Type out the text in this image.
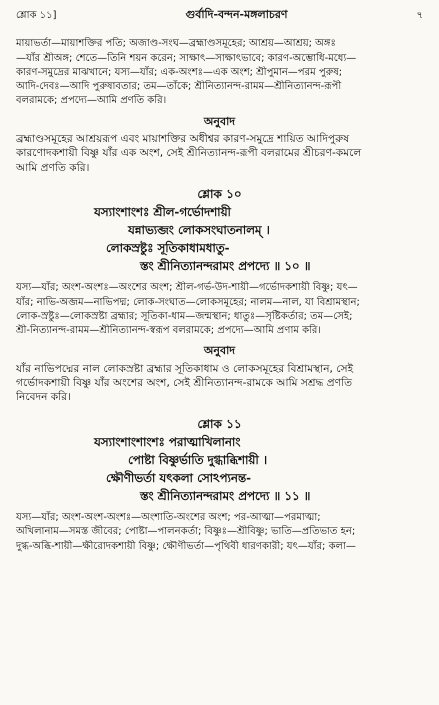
শ্লোক ১১]	গুর্বাদি-বন্দন-মঙ্গলাচরণ	৭

মায়াভর্তা—মায়াশক্তির পতি; অজাণ্ড-সংঘ—ব্রহ্মাণ্ডসমূহের; আশ্রয়—আশ্রয়; অঙ্গঃ

—যাঁর শ্রীঅঙ্গ; শেতে—তিনি শয়ন করেন; সাক্ষাৎ—সাক্ষাৎভাবে; কারণ-অম্ভোধি-মধ্যে—

কারণ-সমুদ্রের মাঝখানে; যস্য—যাঁর; এক-অংশঃ—এক অংশ; শ্রীপুমান—পরম পুরুষ;

আদি-দেবঃ—আদি পুরুষাবতার; তম—তাঁকে; শ্রীনিত্যানন্দ-রামম—শ্রীনিত্যানন্দ-রূপী

বলরামকে; প্রপদ্যে—আমি প্রণতি করি।

অনুবাদ

ব্রহ্মাণ্ডসমূহের আশ্রয়রূপ এবং মায়াশক্তির অধীশ্বর কারণ-সমুদ্রে শায়িত আদিপুরুষ

কারণোদকশায়ী বিষ্ণু যাঁর এক অংশ, সেই শ্রীনিত্যানন্দ-রূপী বলরামের শ্রীচরণ-কমলে

আমি প্রণতি করি।

শ্লোক ১০

যস্যাংশাংশঃ শ্রীল-গর্ভোদশায়ী

যন্নাভ্যব্জং লোকসংঘাতনালম্ ।

লোকস্রষ্টুঃ সূতিকাধামধাতু-

স্তং শ্রীনিত্যানন্দরামং প্রপদ্যে ॥ ১০ ॥

যস্য—যাঁর; অংশ-অংশঃ—অংশের অংশ; শ্রীল-গর্ভ-উদ-শায়ী—গর্ভোদকশায়ী বিষ্ণু; যৎ—

যাঁর; নাভি-অব্জম—নাভিপদ্ম; লোক-সংঘাত—লোকসমূহের; নালম—নাল, যা বিশ্রামস্থান;

লোক-স্রষ্টুঃ—লোকস্রষ্টা ব্রহ্মার; সূতিকা-ধাম—জন্মস্থান; ধাতুঃ—সৃষ্টিকর্তার; তম—সেই;

শ্রী-নিত্যানন্দ-রামম—শ্রীনিত্যানন্দ-স্বরূপ বলরামকে; প্রপদ্যে—আমি প্রণাম করি।

অনুবাদ

যাঁর নাভিপদ্মের নাল লোকস্রষ্টা ব্রহ্মার সূতিকাধাম ও লোকসমূহের বিশ্রামস্থান, সেই

গর্ভোদকশায়ী বিষ্ণু যাঁর অংশের অংশ, সেই শ্রীনিত্যানন্দ-রামকে আমি সশ্রদ্ধ প্রণতি

নিবেদন করি।

শ্লোক ১১

যস্যাংশাংশাংশঃ পরাত্মাখিলানাং

পোষ্টা বিষ্ণুর্ভাতি দুগ্ধাব্ধিশায়ী ।

ক্ষৌণীভর্তা যৎকলা সোঽপ্যনন্ত-

স্তং শ্রীনিত্যানন্দরামং প্রপদ্যে ॥ ১১ ॥

যস্য—যাঁর; অংশ-অংশ-অংশঃ—অংশাতি-অংশের অংশ; পর-আত্মা—পরমাত্মা;

অখিলানাম—সমস্ত জীবের; পোষ্টা—পালনকর্তা; বিষ্ণুঃ—শ্রীবিষ্ণু; ভাতি—প্রতিভাত হন;

দুগ্ধ-অব্ধি-শায়ী—ক্ষীরোদকশায়ী বিষ্ণু; ক্ষৌণীভর্তা—পৃথিবী ধারণকারী; যৎ—যাঁর; কলা—
